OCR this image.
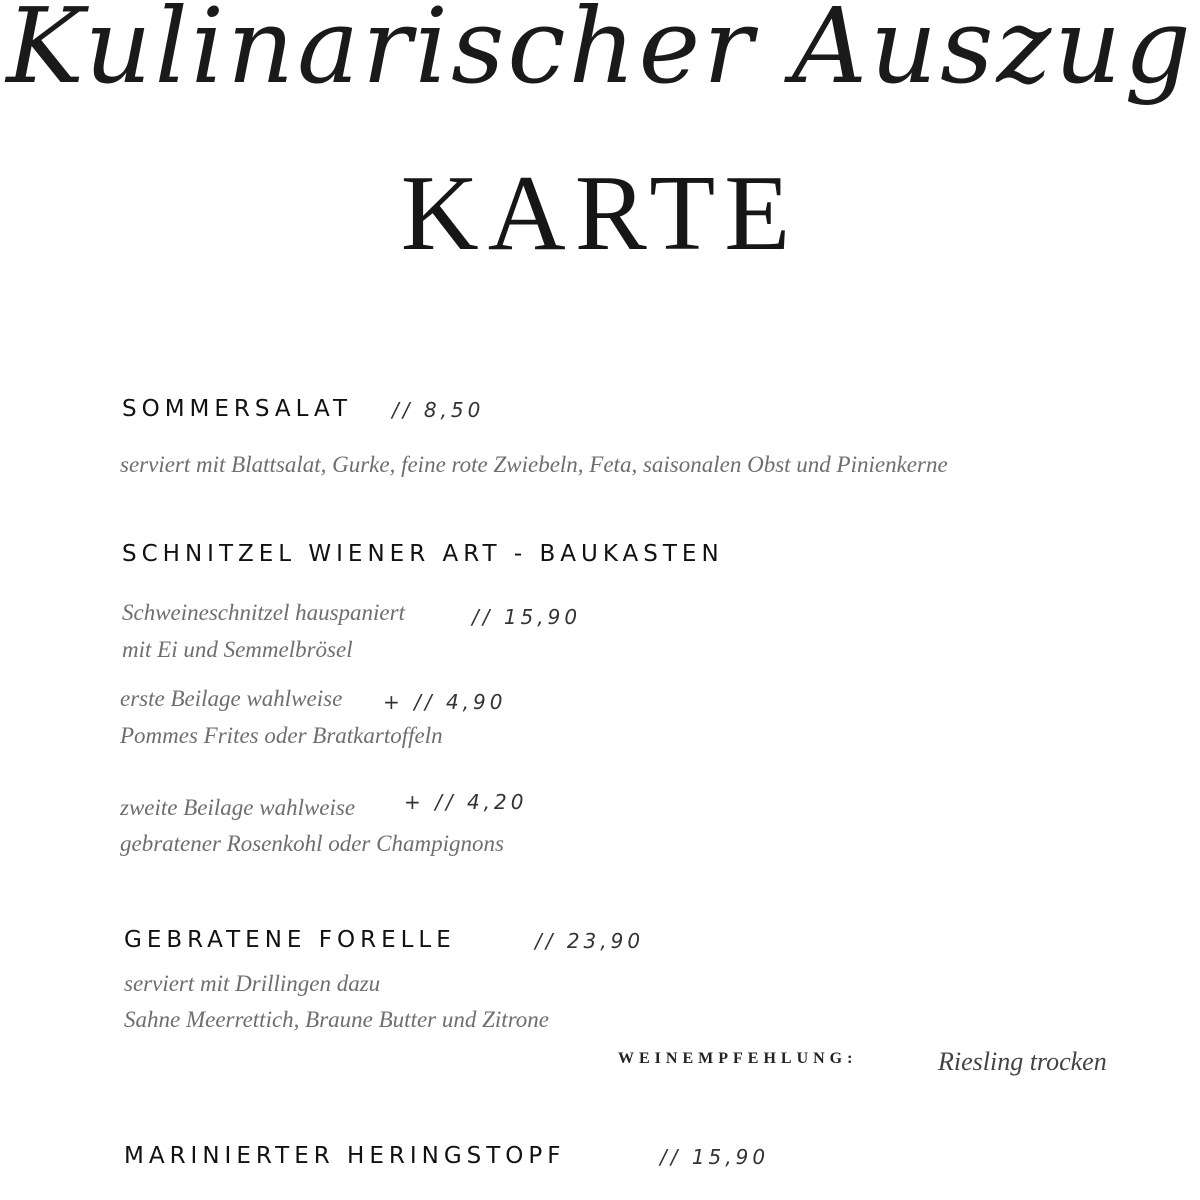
Kulinarischer Auszug
KARTE
SOMMERSALAT // 8,50
serviert mit Blattsalat, Gurke, feine rote Zwiebeln, Feta, saisonalen Obst und Pinienkerne
SCHNITZEL WIENER ART - BAUKASTEN
Schweineschnitzel hauspaniert	// 15,90
mit Ei und Semmelbrösel
erste Beilage wahlweise + // 4,90
Pommes Frites oder Bratkartoffeln
zweite Beilage wahlweise + // 4,20
gebratener Rosenkohl oder Champignons
GEBRATENE FORELLE	// 23,90
serviert mit Drillingen dazu
Sahne Meerrettich, Braune Butter und Zitrone
WEINEMPFEHLUNG:	Riesling trocken
MARINIERTER HERINGSTOPF	// 15,90
